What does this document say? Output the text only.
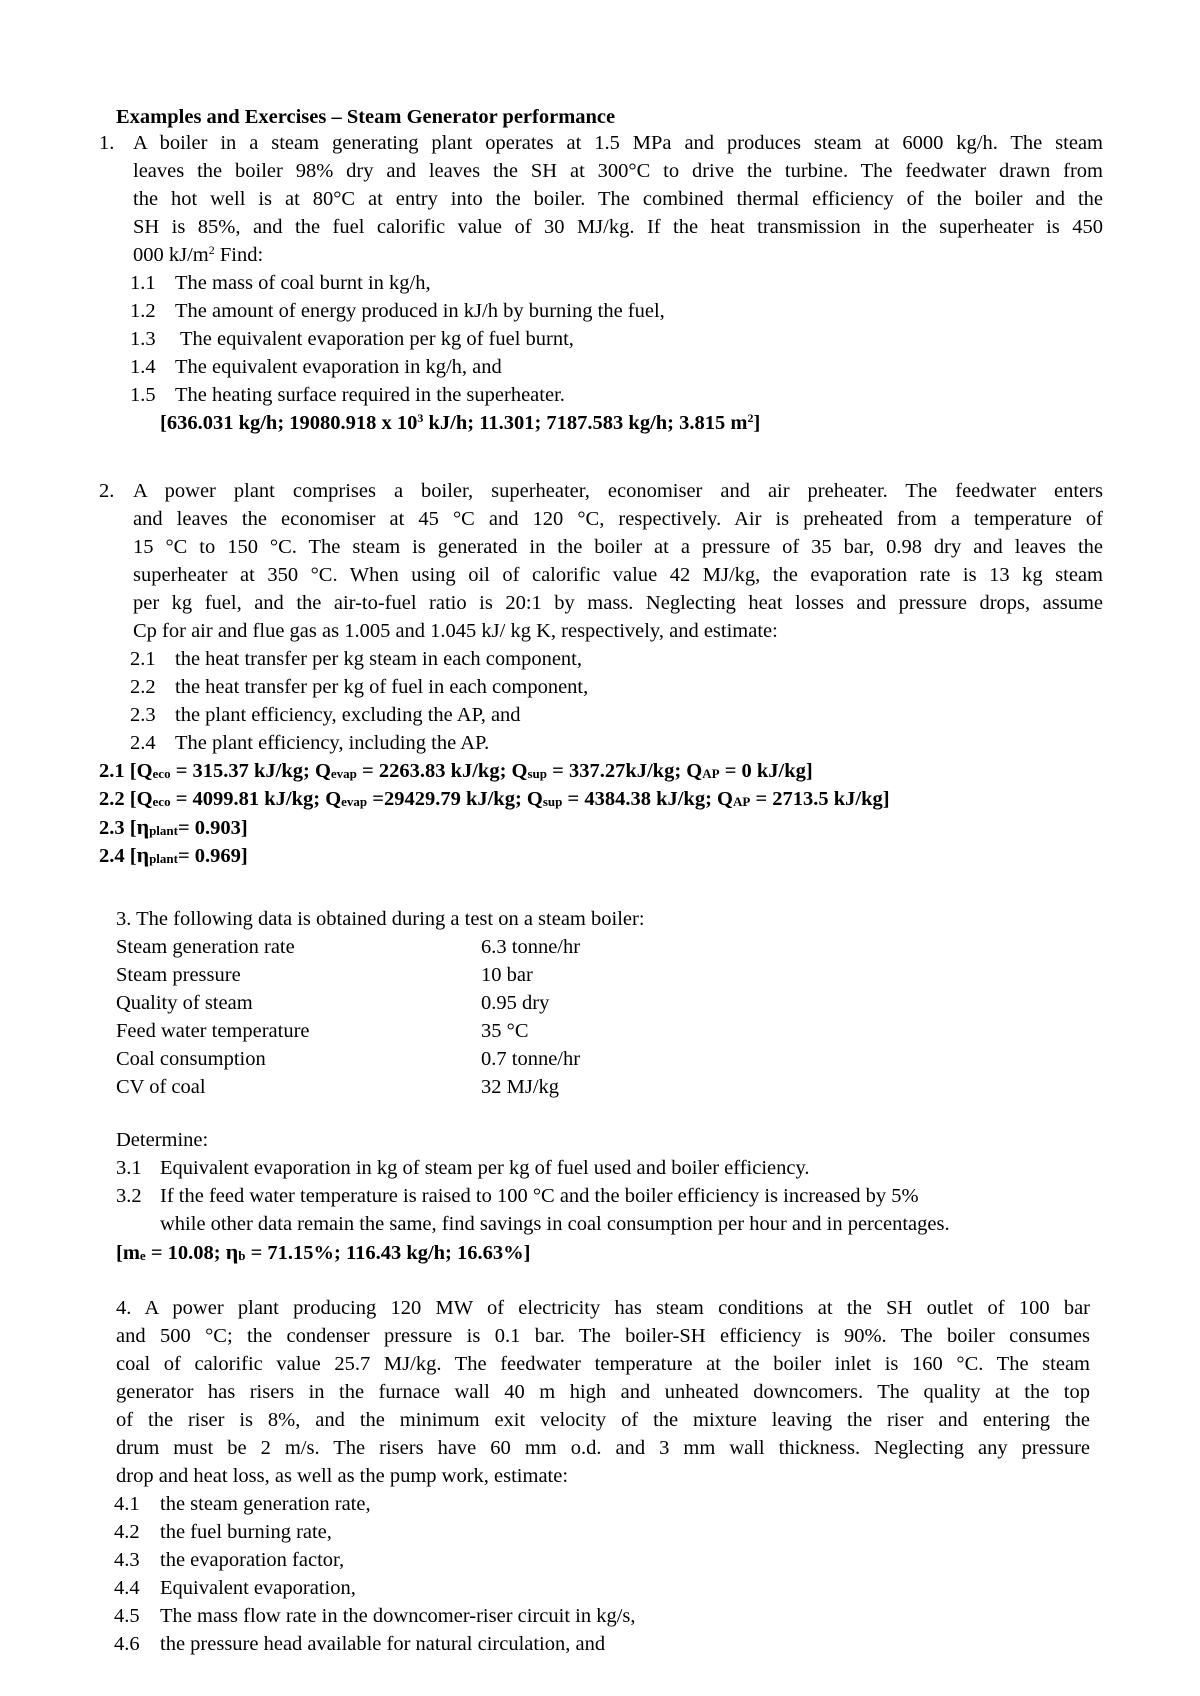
Examples and Exercises – Steam Generator performance
1. A boiler in a steam generating plant operates at 1.5 MPa and produces steam at 6000 kg/h. The steam
leaves the boiler 98% dry and leaves the SH at 300°C to drive the turbine. The feedwater drawn from
the hot well is at 80°C at entry into the boiler. The combined thermal efficiency of the boiler and the
SH is 85%, and the fuel calorific value of 30 MJ/kg. If the heat transmission in the superheater is 450
000 $kJ/m^2$ Find:
1.1 The mass of coal burnt in kg/h,
1.2 The amount of energy produced in kJ/h by burning the fuel,
1.3 The equivalent evaporation per kg of fuel burnt,
1.4 The equivalent evaporation in kg/h, and
1.5 The heating surface required in the superheater.
[636.031 kg/h; 19080.918 x $10^3$ kJ/h; 11.301; 7187.583 kg/h; 3.815 $m^2$]
2. A power plant comprises a boiler, superheater, economiser and air preheater. The feedwater enters
and leaves the economiser at 45 °C and 120 °C, respectively. Air is preheated from a temperature of
15 °C to 150 °C. The steam is generated in the boiler at a pressure of 35 bar, 0.98 dry and leaves the
superheater at 350 °C. When using oil of calorific value 42 MJ/kg, the evaporation rate is 13 kg steam
per kg fuel, and the air-to-fuel ratio is 20:1 by mass. Neglecting heat losses and pressure drops, assume
Cp for air and flue gas as 1.005 and 1.045 kJ/ kg K, respectively, and estimate:
2.1 the heat transfer per kg steam in each component,
2.2 the heat transfer per kg of fuel in each component,
2.3 the plant efficiency, excluding the AP, and
2.4 The plant efficiency, including the AP.
2.1 [Qeco = 315.37 kJ/kg; Qevap = 2263.83 kJ/kg; Qsup = 337.27kJ/kg; QAP = 0 kJ/kg]
2.2 [Qeco = 4099.81 kJ/kg; Qevap =29429.79 kJ/kg; Qsup = 4384.38 kJ/kg; QAP = 2713.5 kJ/kg]
2.3 [ηplant= 0.903]
2.4 [ηplant= 0.969]
3. The following data is obtained during a test on a steam boiler:
Steam generation rate	6.3 tonne/hr
Steam pressure	10 bar
Quality of steam	0.95 dry
Feed water temperature	35 °C
Coal consumption	0.7 tonne/hr
CV of coal	32 MJ/kg
Determine:
3.1 Equivalent evaporation in kg of steam per kg of fuel used and boiler efficiency.
3.2 If the feed water temperature is raised to 100 °C and the boiler efficiency is increased by 5%
while other data remain the same, find savings in coal consumption per hour and in percentages.
[me = 10.08; ηb = 71.15%; 116.43 kg/h; 16.63%]
4. A power plant producing 120 MW of electricity has steam conditions at the SH outlet of 100 bar
and 500 °C; the condenser pressure is 0.1 bar. The boiler-SH efficiency is 90%. The boiler consumes
coal of calorific value 25.7 MJ/kg. The feedwater temperature at the boiler inlet is 160 °C. The steam
generator has risers in the furnace wall 40 m high and unheated downcomers. The quality at the top
of the riser is 8%, and the minimum exit velocity of the mixture leaving the riser and entering the
drum must be 2 m/s. The risers have 60 mm o.d. and 3 mm wall thickness. Neglecting any pressure
drop and heat loss, as well as the pump work, estimate:
4.1 the steam generation rate,
4.2 the fuel burning rate,
4.3 the evaporation factor,
4.4 Equivalent evaporation,
4.5 The mass flow rate in the downcomer-riser circuit in kg/s,
4.6 the pressure head available for natural circulation, and
